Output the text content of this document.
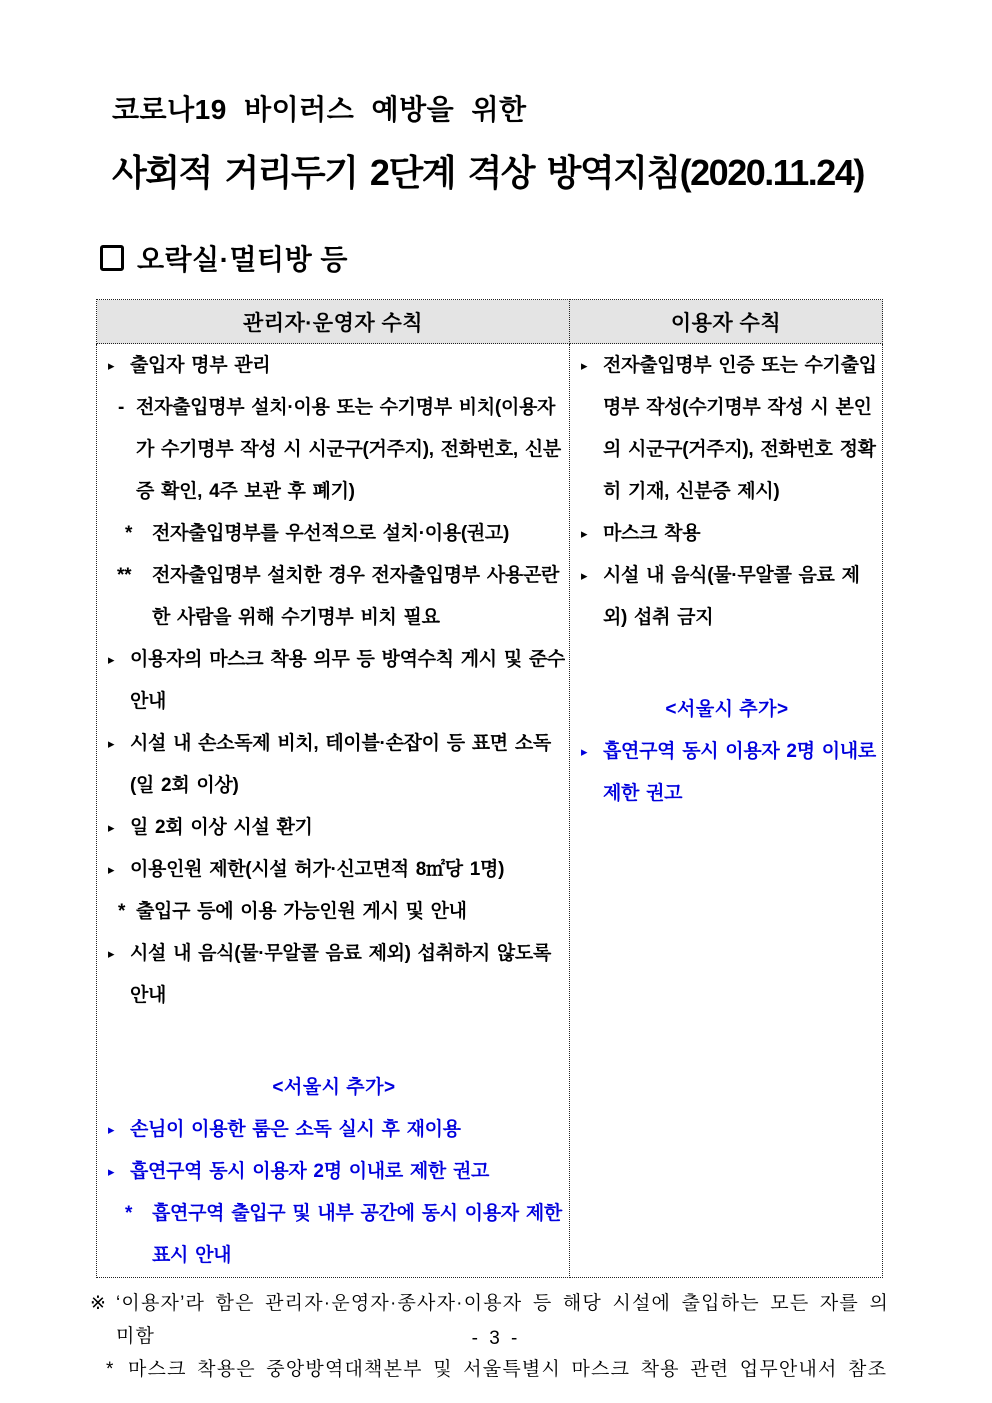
코로나19 바이러스 예방을 위한
사회적 거리두기 2단계 격상 방역지침(2020.11.24)
오락실·멀티방 등
관리자·운영자 수칙	이용자 수칙

▸ 출입자 명부 관리
- 전자출입명부 설치·이용 또는 수기명부 비치(이용자가 수기명부 작성 시 시군구(거주지), 전화번호, 신분증 확인, 4주 보관 후 폐기)
*	전자출입명부를 우선적으로 설치·이용(권고)
**	전자출입명부 설치한 경우 전자출입명부 사용곤란한 사람을 위해 수기명부 비치 필요
▸ 이용자의 마스크 착용 의무 등 방역수칙 게시 및 준수 안내
▸ 시설 내 손소독제 비치, 테이블·손잡이 등 표면 소독(일 2회 이상)
▸ 일 2회 이상 시설 환기
▸ 이용인원 제한(시설 허가·신고면적 8㎡당 1명)
* 출입구 등에 이용 가능인원 게시 및 안내
▸ 시설 내 음식(물·무알콜 음료 제외) 섭취하지 않도록 안내
<서울시 추가>
▸ 손님이 이용한 룸은 소독 실시 후 재이용
▸ 흡연구역 동시 이용자 2명 이내로 제한 권고
*	흡연구역 출입구 및 내부 공간에 동시 이용자 제한 표시 안내

▸ 전자출입명부 인증 또는 수기출입 명부 작성(수기명부 작성 시 본인의 시군구(거주지), 전화번호 정확히 기재, 신분증 제시)
▸ 마스크 착용
▸ 시설 내 음식(물·무알콜 음료 제외) 섭취 금지
<서울시 추가>
▸ 흡연구역 동시 이용자 2명 이내로 제한 권고
※ ‘이용자’라 함은 관리자·운영자·종사자·이용자 등 해당 시설에 출입하는 모든 자를 의미함
* 마스크 착용은 중앙방역대책본부 및 서울특별시 마스크 착용 관련 업무안내서 참조
- 3 -
